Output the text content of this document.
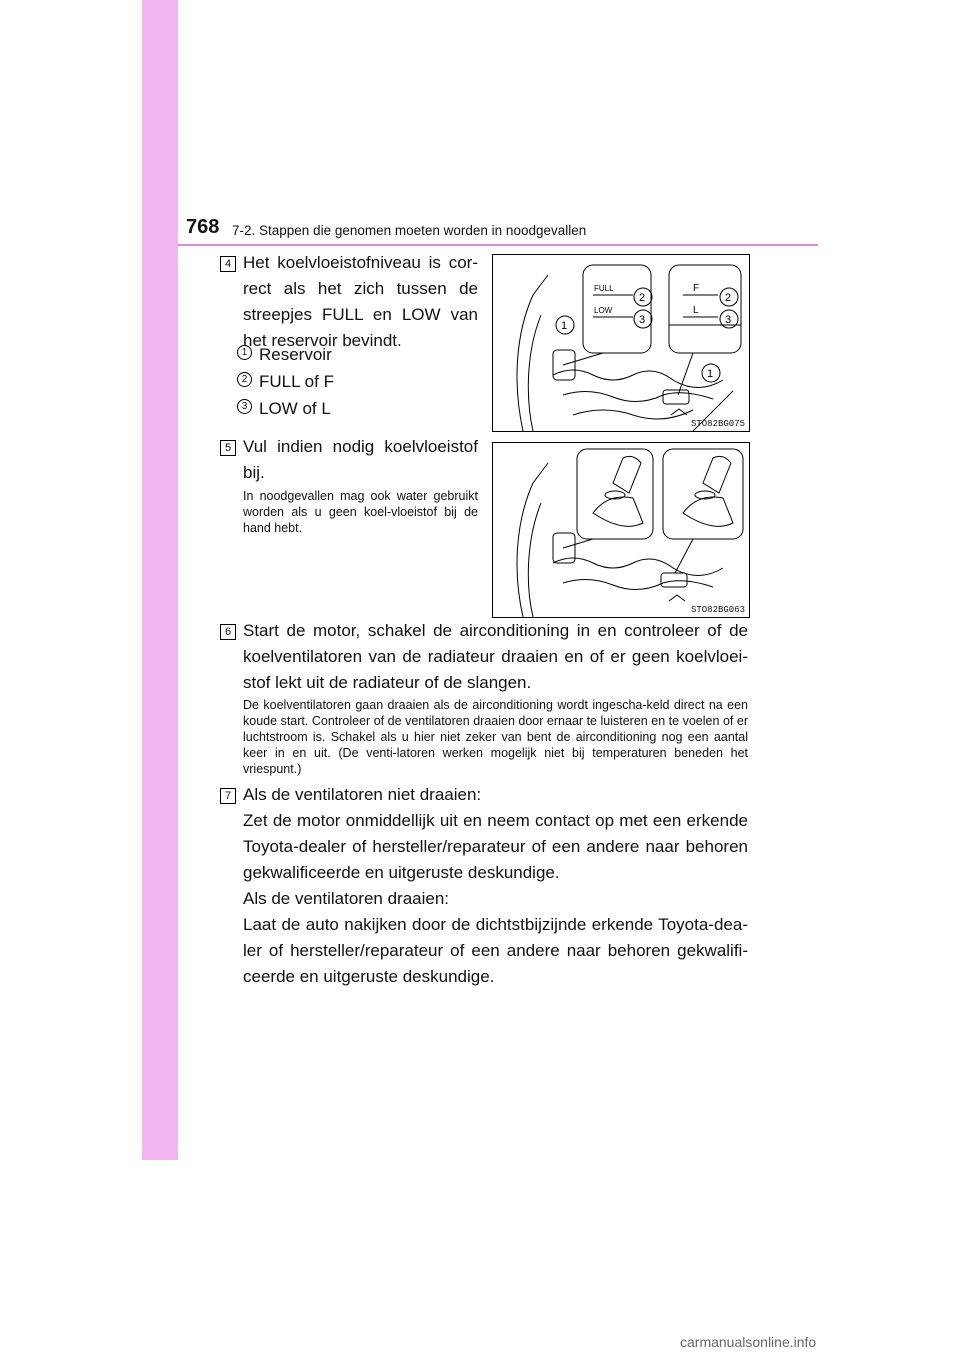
768 7-2. Stappen die genomen moeten worden in noodgevallen
4 Het koelvloeistofniveau is cor-rect als het zich tussen de streepjes FULL en LOW van het reservoir bevindt.
1 Reservoir
2 FULL of F
3 LOW of L
FULL
LOW
F
L
2
3
2
3
1
1
STO82BG075
5 Vul indien nodig koelvloeistof bij.
In noodgevallen mag ook water gebruikt worden als u geen koel-vloeistof bij de hand hebt.
STO82BG063
6 Start de motor, schakel de airconditioning in en controleer of de koelventilatoren van de radiateur draaien en of er geen koelvloei-stof lekt uit de radiateur of de slangen.
De koelventilatoren gaan draaien als de airconditioning wordt ingescha-keld direct na een koude start. Controleer of de ventilatoren draaien door ernaar te luisteren en te voelen of er luchtstroom is. Schakel als u hier niet zeker van bent de airconditioning nog een aantal keer in en uit. (De venti-latoren werken mogelijk niet bij temperaturen beneden het vriespunt.)
7 Als de ventilatoren niet draaien:
Zet de motor onmiddellijk uit en neem contact op met een erkende Toyota-dealer of hersteller/reparateur of een andere naar behoren gekwalificeerde en uitgeruste deskundige.
Als de ventilatoren draaien:
Laat de auto nakijken door de dichtstbijzijnde erkende Toyota-dea-ler of hersteller/reparateur of een andere naar behoren gekwalifi-ceerde en uitgeruste deskundige.
carmanualsonline.info
